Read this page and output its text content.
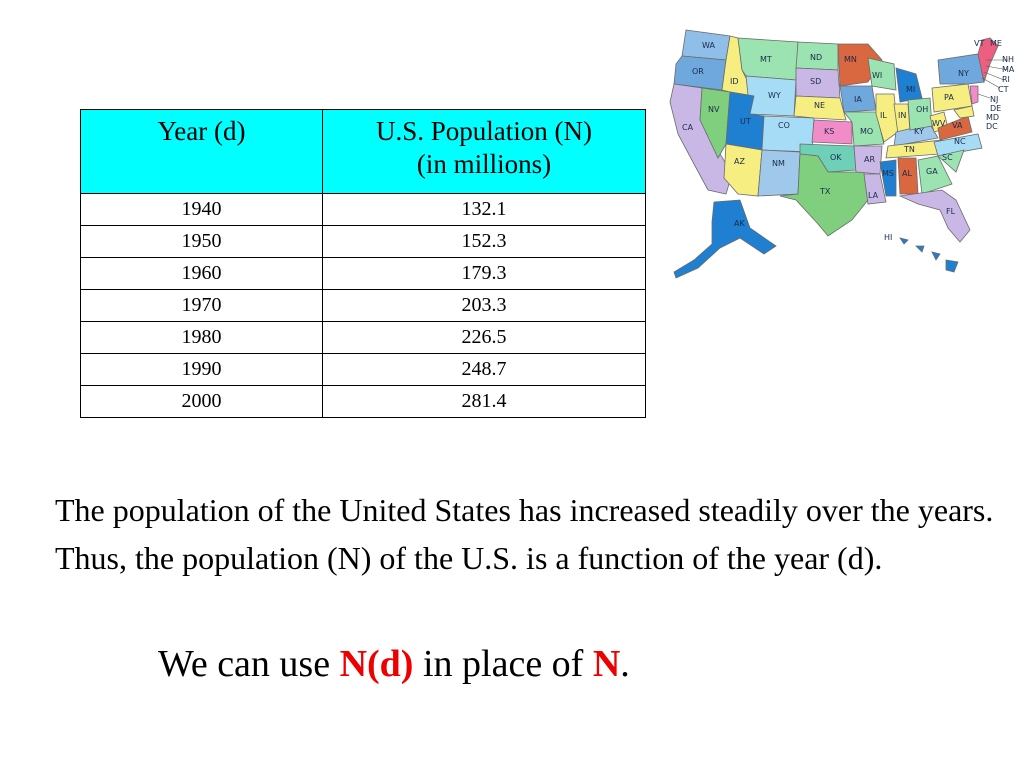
Year (d)	U.S. Population (N)
(in millions)
1940	132.1
1950	152.3
1960	179.3
1970	203.3
1980	226.5
1990	248.7
2000	281.4
WA
OR
CA
NV
ID
MT
WY
UT
AZ
CO
NM
ND
SD
NE
KS
OK
TX
MN
IA
MO
AR
LA
WI
IL
MS
MI
IN
KY
TN
AL
OH
WV
GA
FL
SC
NC
VA
PA
NY
VT ME
NH
MA
RI
CT
NJ
DE
MD
DC
AK
HI

The population of the United States has increased steadily over the years. Thus, the population (N) of the U.S. is a function of the year (d).

We can use N(d) in place of N.
